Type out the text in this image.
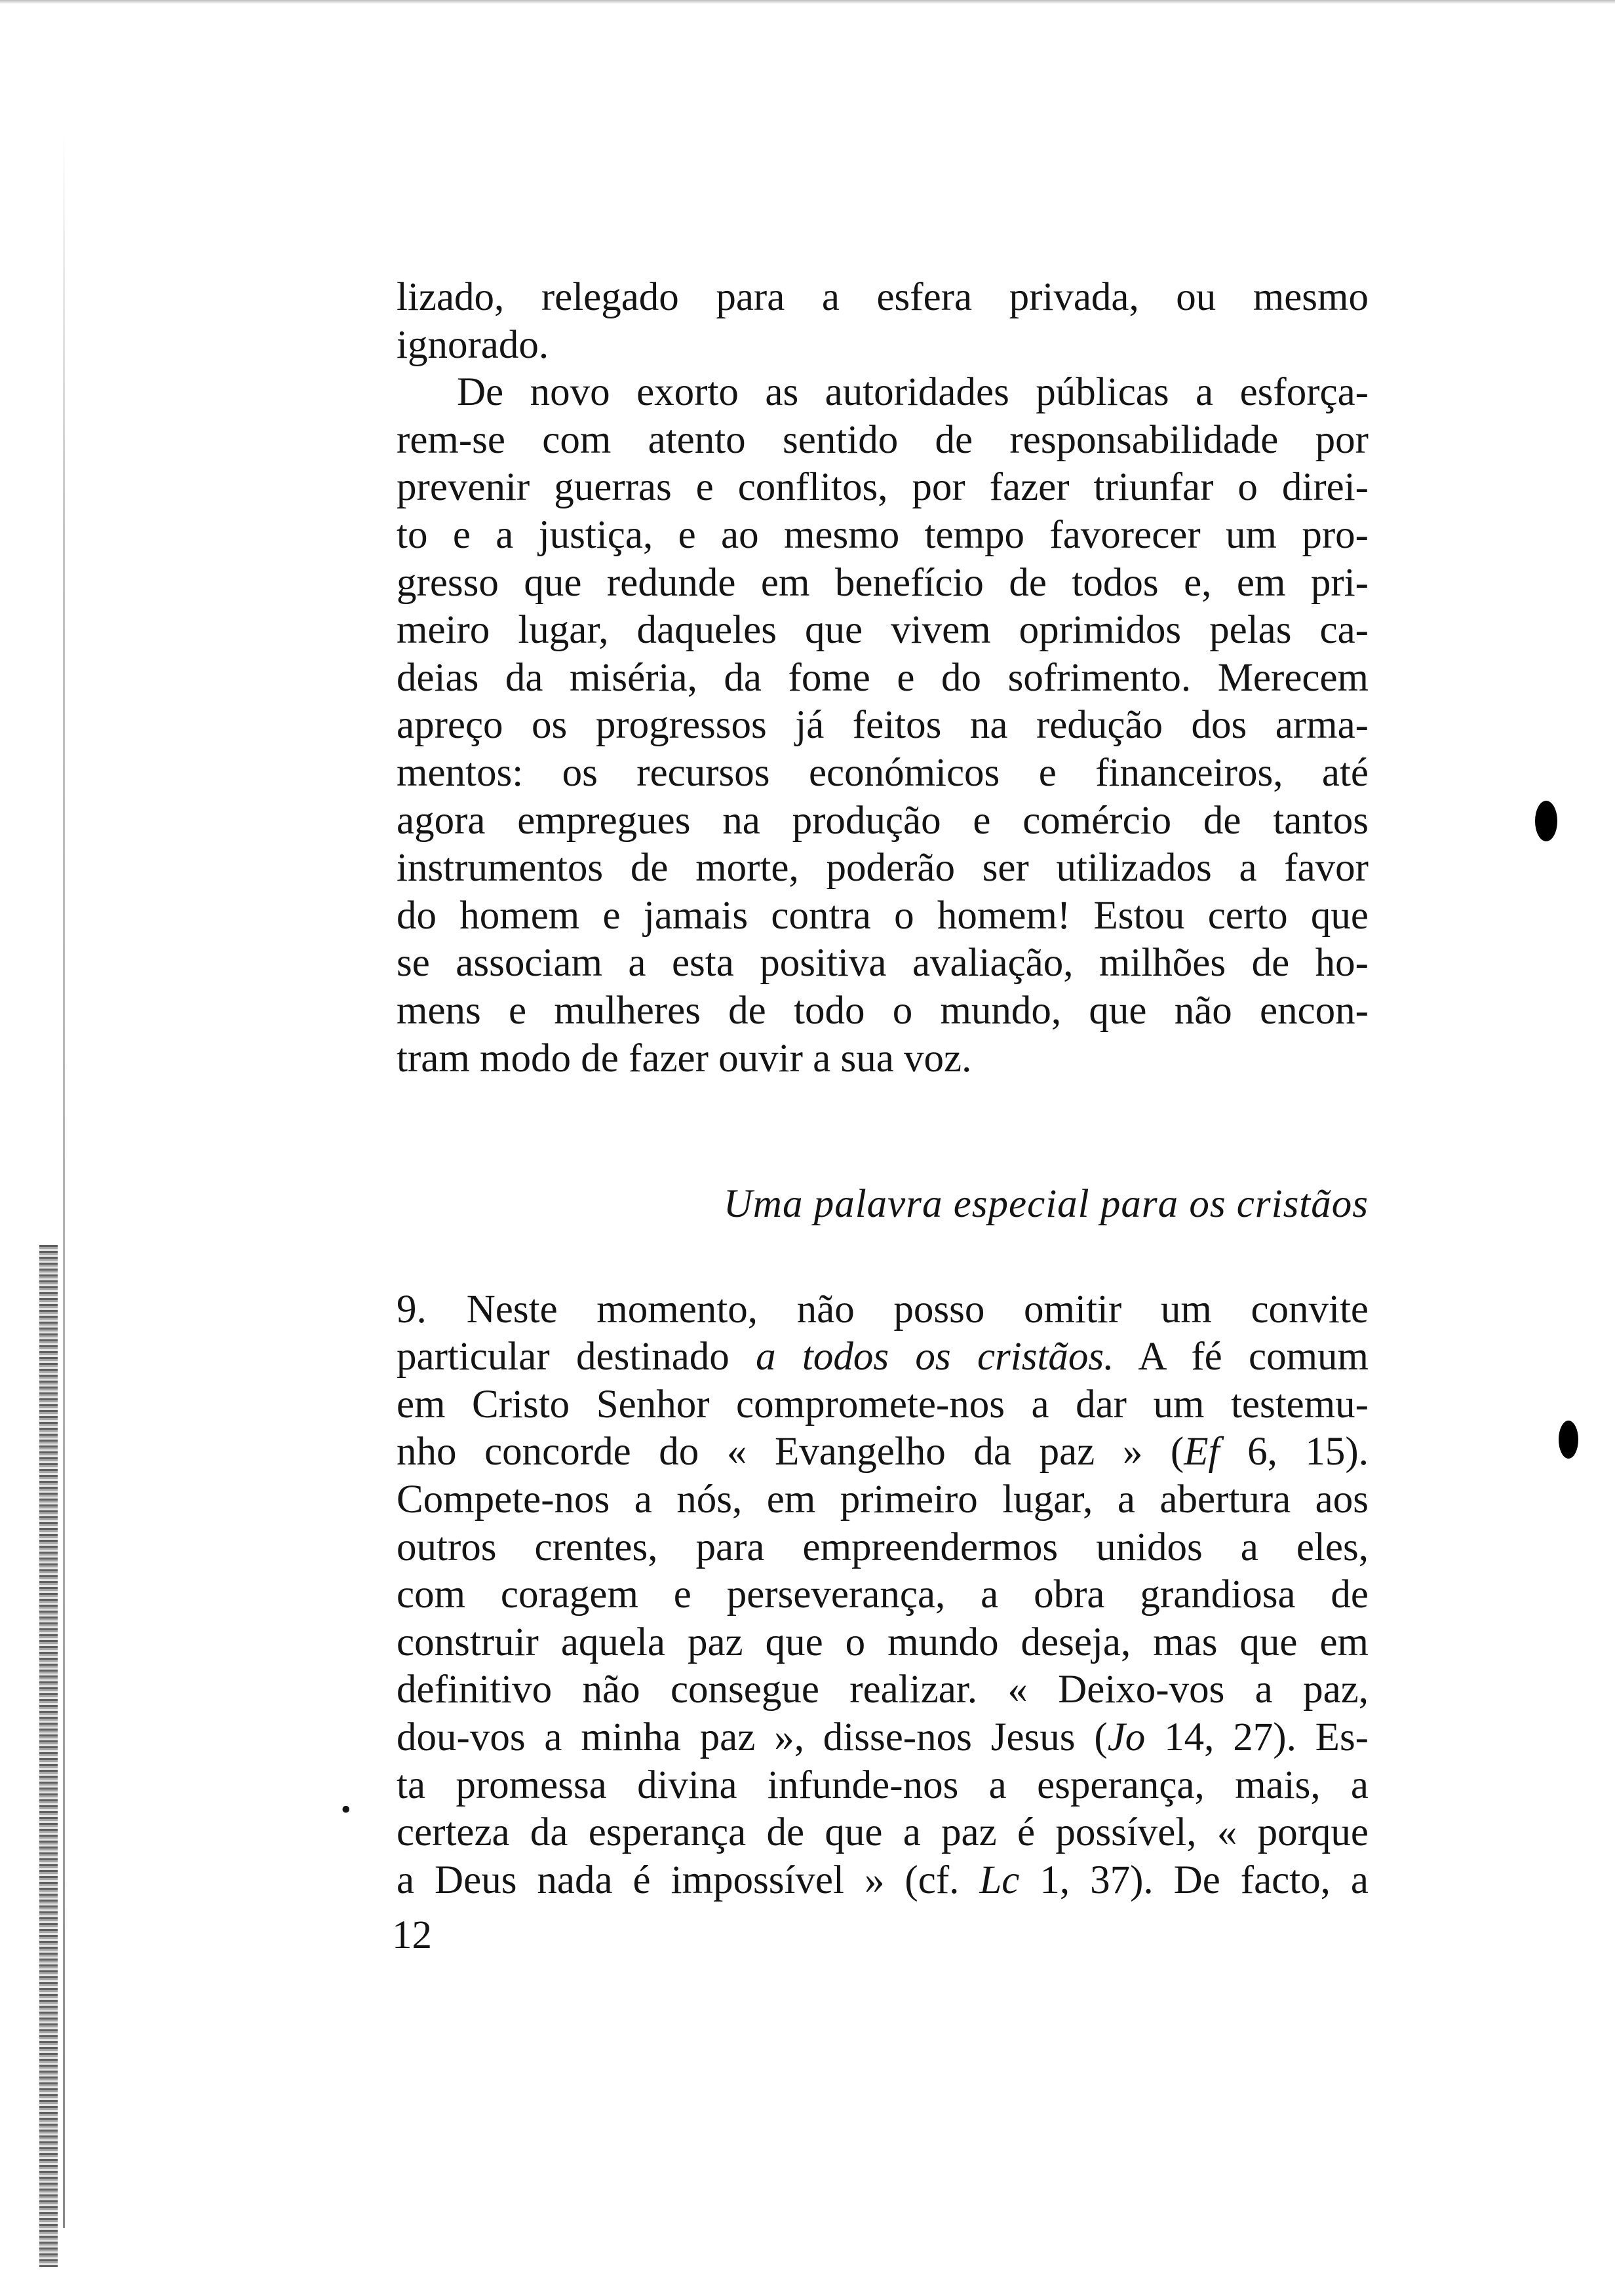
•
lizado, relegado para a esfera privada, ou mesmo
ignorado.
De novo exorto as autoridades públicas a esforça-
rem-se com atento sentido de responsabilidade por
prevenir guerras e conflitos, por fazer triunfar o direi-
to e a justiça, e ao mesmo tempo favorecer um pro-
gresso que redunde em benefício de todos e, em pri-
meiro lugar, daqueles que vivem oprimidos pelas ca-
deias da miséria, da fome e do sofrimento. Merecem
apreço os progressos já feitos na redução dos arma-
mentos: os recursos económicos e financeiros, até
agora empregues na produção e comércio de tantos
instrumentos de morte, poderão ser utilizados a favor
do homem e jamais contra o homem! Estou certo que
se associam a esta positiva avaliação, milhões de ho-
mens e mulheres de todo o mundo, que não encon-
tram modo de fazer ouvir a sua voz.
Uma palavra especial para os cristãos
9.  Neste momento, não posso omitir um convite
particular destinado a todos os cristãos. A fé comum
em Cristo Senhor compromete-nos a dar um testemu-
nho concorde do « Evangelho da paz » (Ef 6, 15).
Compete-nos a nós, em primeiro lugar, a abertura aos
outros crentes, para empreendermos unidos a eles,
com coragem e perseverança, a obra grandiosa de
construir aquela paz que o mundo deseja, mas que em
definitivo não consegue realizar. « Deixo-vos a paz,
dou-vos a minha paz », disse-nos Jesus (Jo 14, 27). Es-
ta promessa divina infunde-nos a esperança, mais, a
certeza da esperança de que a paz é possível, « porque
a Deus nada é impossível » (cf. Lc 1, 37). De facto, a
12
